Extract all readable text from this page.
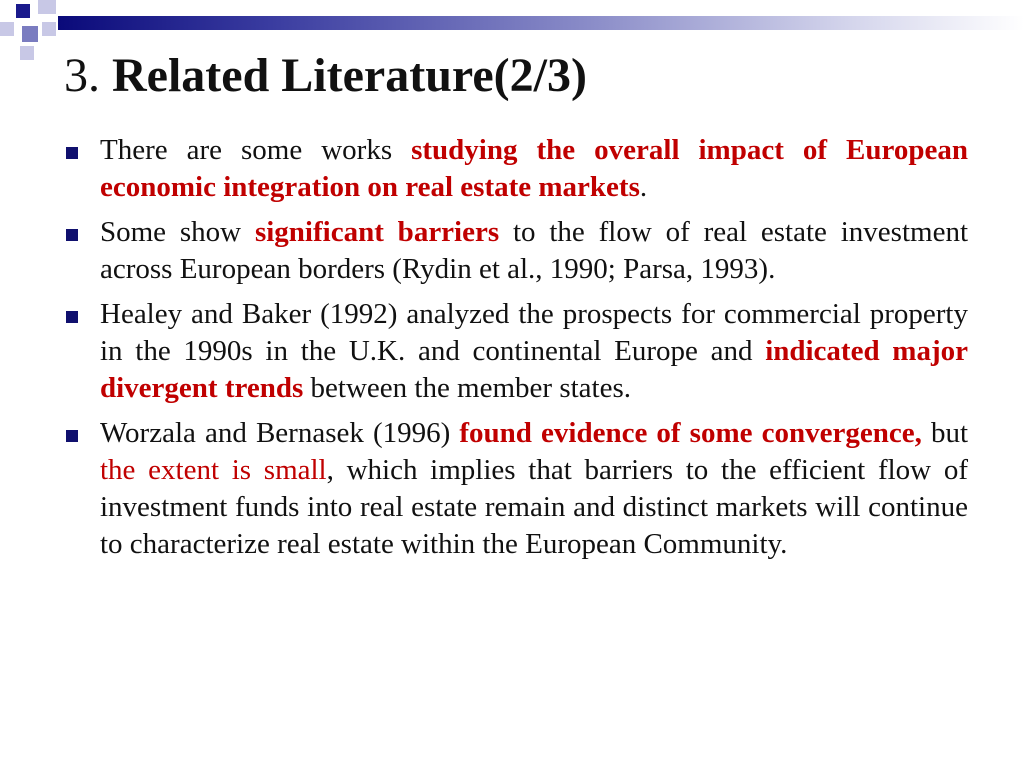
3. Related Literature(2/3)
There are some works studying the overall impact of European economic integration on real estate markets.
Some show significant barriers to the flow of real estate investment across European borders (Rydin et al., 1990; Parsa, 1993).
Healey and Baker (1992) analyzed the prospects for commercial property in the 1990s in the U.K. and continental Europe and indicated major divergent trends between the member states.
Worzala and Bernasek (1996) found evidence of some convergence, but the extent is small, which implies that barriers to the efficient flow of investment funds into real estate remain and distinct markets will continue to characterize real estate within the European Community.
